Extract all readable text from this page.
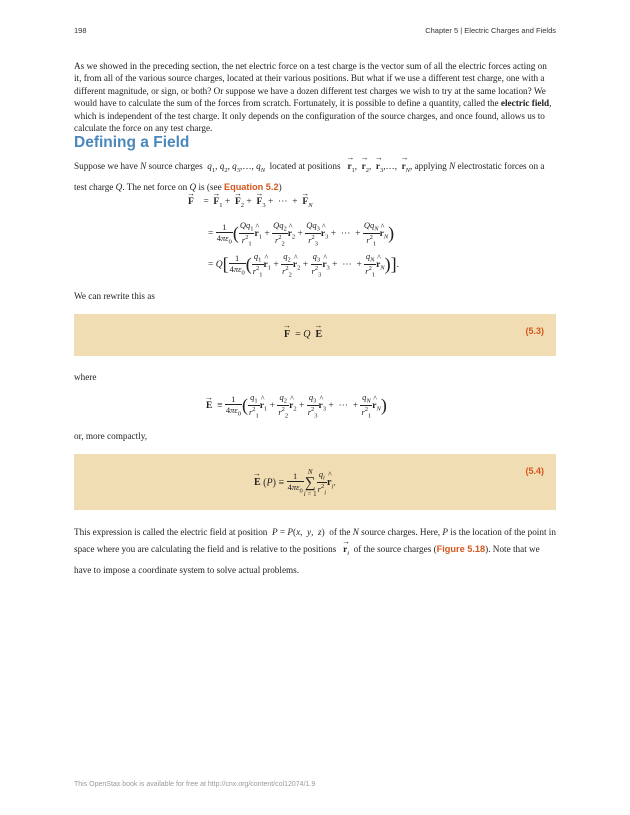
198	Chapter 5 | Electric Charges and Fields
As we showed in the preceding section, the net electric force on a test charge is the vector sum of all the electric forces acting on it, from all of the various source charges, located at their various positions. But what if we use a different test charge, one with a different magnitude, or sign, or both? Or suppose we have a dozen different test charges we wish to try at the same location? We would have to calculate the sum of the forces from scratch. Fortunately, it is possible to define a quantity, called the electric field, which is independent of the test charge. It only depends on the configuration of the source charges, and once found, allows us to calculate the force on any test charge.
Defining a Field
Suppose we have N source charges  $q_1$, $q_2$, $q_3,\dots$, $q_N$  located at positions   → $r_1$,  → $r_2$,  → $r_3,\dots$,  → $r_N$, applying N electrostatic forces on a test charge Q. The net force on Q is (see Equation 5.2)
→ F    =  → $F_1$ +  → $F_2$ +  → $F_3$ +  ⋯  +  → $F_N$
= $\frac{1}{4\pi\varepsilon_0}$ ( $\frac{Qq_1}{r^2_1}$ ^ $r_1 + \frac{Qq_2}{r^2_2}$ ^ $r_2 + \frac{Qq_3}{r^2_3}$ ^ $r_3$ +  ⋯  + $\frac{Qq_N}{r^2_1}$ ^ $r_N$)
= $Q[ \frac{1}{4\pi\varepsilon_0}$ ( $\frac{q_1}{r^2_1}$ ^ $r_1 + \frac{q_2}{r^2_2}$ ^ $r_2 + \frac{q_3}{r^2_3}$ ^ $r_3$ +  ⋯  + $\frac{q_N}{r^2_1}$ ^ $r_N$)].
We can rewrite this as
→ F  = Q → E	(5.3)
where
→ $E \equiv \frac{1}{4\pi\varepsilon_0}$ ( $\frac{q_1}{r^2_1}$ ^ $r_1 + \frac{q_2}{r^2_2}$ ^ $r_2 + \frac{q_3}{r^2_3}$ ^ $r_3$ +  ⋯  + $\frac{q_N}{r^2_1}$ ^ $r_N$)
or, more compactly,
→ E $(P) \equiv \frac{1}{4\pi\varepsilon_0}$ N
∑
$i = 1 \frac{q_i}{r^2_i}$ ^ $r_i$.
(5.4)
This expression is called the electric field at position  P = P(x,  y,  z)  of the N source charges. Here, P is the location of the point in space where you are calculating the field and is relative to the positions   → $r_i$  of the source charges (Figure 5.18). Note that we have to impose a coordinate system to solve actual problems.
This OpenStax book is available for free at http://cnx.org/content/col12074/1.9
